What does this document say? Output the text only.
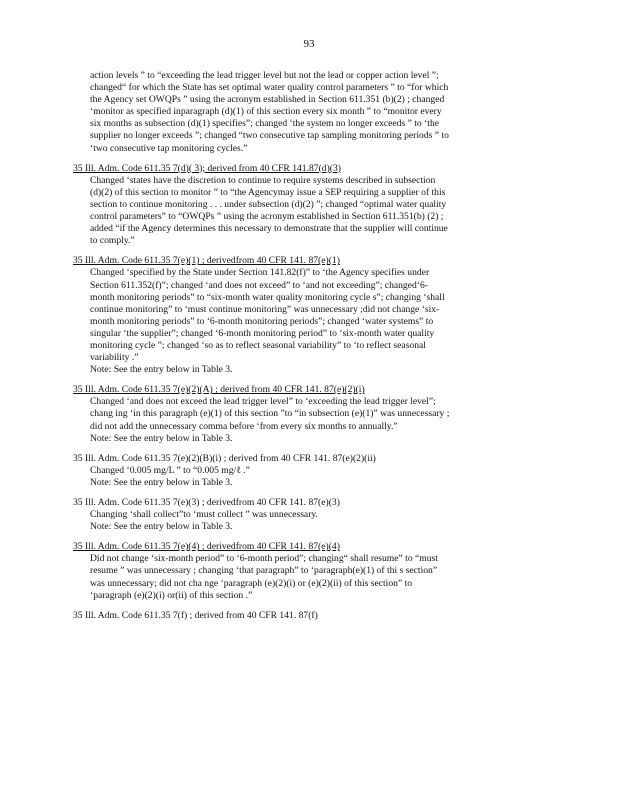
93

action levels ” to “exceeding the lead trigger level but not the lead or copper action level ”;
changed“ for which the State has set optimal water quality control parameters ” to “for which
the Agency set OWQPs ” using the acronym established in Section 611.351 (b)(2) ; changed
‘monitor as specified inparagraph (d)(1) of this section every six month ” to “monitor every
six months as subsection (d)(1) specifies”; changed ‘the system no longer exceeds ” to ‘the
supplier no longer exceeds ”; changed “two consecutive tap sampling monitoring periods ” to
‘two consecutive tap monitoring cycles.”

35 Ill. Adm. Code 611.35 7(d)( 3); derived from 40 CFR 141.87(d)(3)

Changed ‘states have the discretion to continue to require systems described in subsection
(d)(2) of this section to monitor ” to “the Agencymay issue a SEP requiring a supplier of this
section to continue monitoring . . . under subsection (d)(2) ”; changed “optimal water quality
control parameters” to “OWQPs ” using the acronym established in Section 611.351(b) (2) ;
added “if the Agency determines this necessary to demonstrate that the supplier will continue
to comply.”

35 Ill. Adm. Code 611.35 7(e)(1) ; derivedfrom 40 CFR 141. 87(e)(1)

Changed ‘specified by the State under Section 141.82(f)” to ‘the Agency specifies under
Section 611.352(f)”; changed ‘and does not exceed” to ‘and not exceeding”; changed‘6-
month monitoring periods” to “six-month water quality monitoring cycle s”; changing ‘shall
continue monitoring” to ‘must continue monitoring” was unnecessary ;did not change ‘six-
month monitoring periods” to ‘6-month monitoring periods”; changed ‘water systems” to
singular ‘the supplier”; changed ‘6-month monitoring period” to ‘six-month water quality
monitoring cycle ”; changed ‘so as to reflect seasonal variability” to ‘to reflect seasonal
variability .”

Note: See the entry below in Table 3.

35 Ill. Adm. Code 611.35 7(e)(2)(A) ; derived from 40 CFR 141. 87(e)(2)(i)

Changed ‘and does not exceed the lead trigger level” to ‘exceeding the lead trigger level”;
chang ing ‘in this paragraph (e)(1) of this section ”to “in subsection (e)(1)” was unnecessary ;
did not add the unnecessary comma before ‘from every six months to annually.”

Note: See the entry below in Table 3.

35 Ill. Adm. Code 611.35 7(e)(2)(B)(i) ; derived from 40 CFR 141. 87(e)(2)(ii)

Changed ‘0.005 mg/L ” to “0.005 mg/ℓ .”

Note: See the entry below in Table 3.

35 Ill. Adm. Code 611.35 7(e)(3) ; derivedfrom 40 CFR 141. 87(e)(3)

Changing ‘shall collect”to ‘must collect ” was unnecessary.

Note: See the entry below in Table 3.

35 Ill. Adm. Code 611.35 7(e)(4) ; derivedfrom 40 CFR 141. 87(e)(4)

Did not change ‘six-month period” to ‘6-month period”; changing“ shall resume” to “must
resume ” was unnecessary ; changing ‘that paragraph” to ‘paragraph(e)(1) of thi s section”
was unnecessary; did not cha nge ‘paragraph (e)(2)(i) or (e)(2)(ii) of this section” to
‘paragraph (e)(2)(i) or(ii) of this section .”

35 Ill. Adm. Code 611.35 7(f) ; derived from 40 CFR 141. 87(f)
